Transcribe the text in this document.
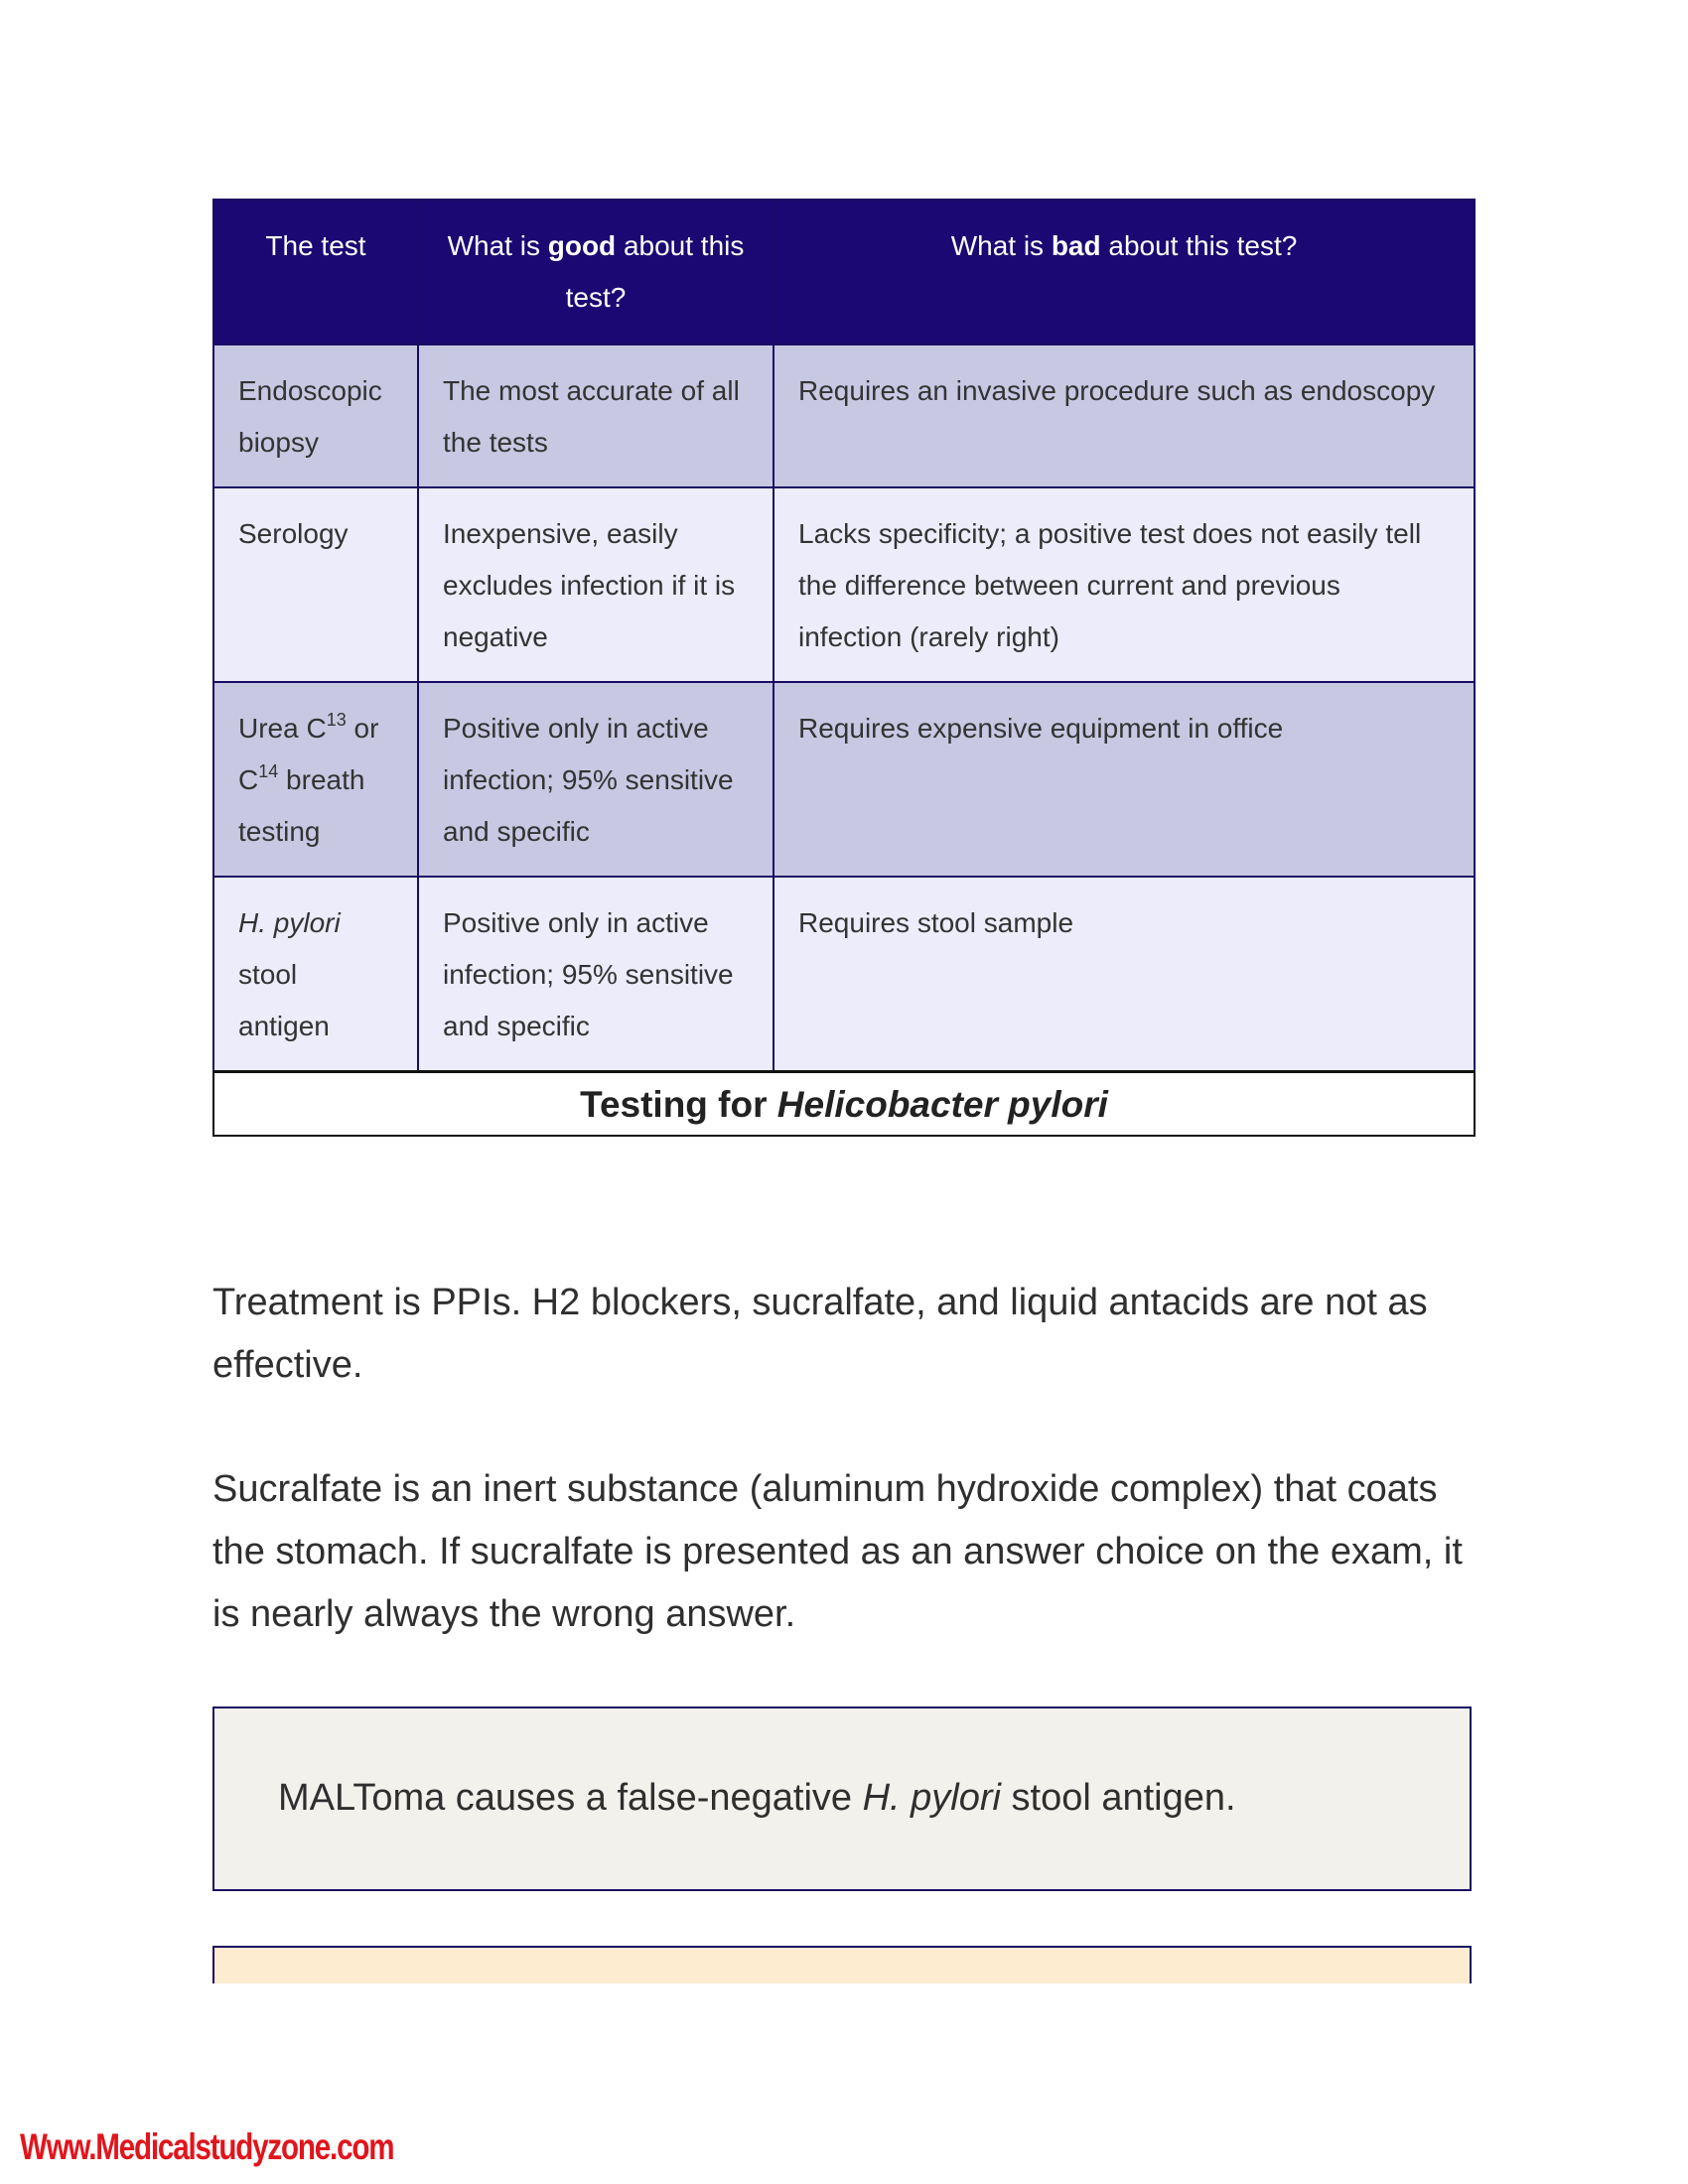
The test	What is good about this test?	What is bad about this test?
Endoscopic biopsy	The most accurate of all the tests	Requires an invasive procedure such as endoscopy
Serology	Inexpensive, easily excludes infection if it is negative	Lacks specificity; a positive test does not easily tell the difference between current and previous infection (rarely right)
Urea $C^{13}$ or $C^{14}$ breath testing	Positive only in active infection; 95% sensitive and specific	Requires expensive equipment in office
H. pylori stool antigen	Positive only in active infection; 95% sensitive and specific	Requires stool sample
Testing for Helicobacter pylori		

Treatment is PPIs. H2 blockers, sucralfate, and liquid antacids are not as effective.

Sucralfate is an inert substance (aluminum hydroxide complex) that coats the stomach. If sucralfate is presented as an answer choice on the exam, it is nearly always the wrong answer.

MALToma causes a false-negative H. pylori stool antigen.
Www.Medicalstudyzone.com
